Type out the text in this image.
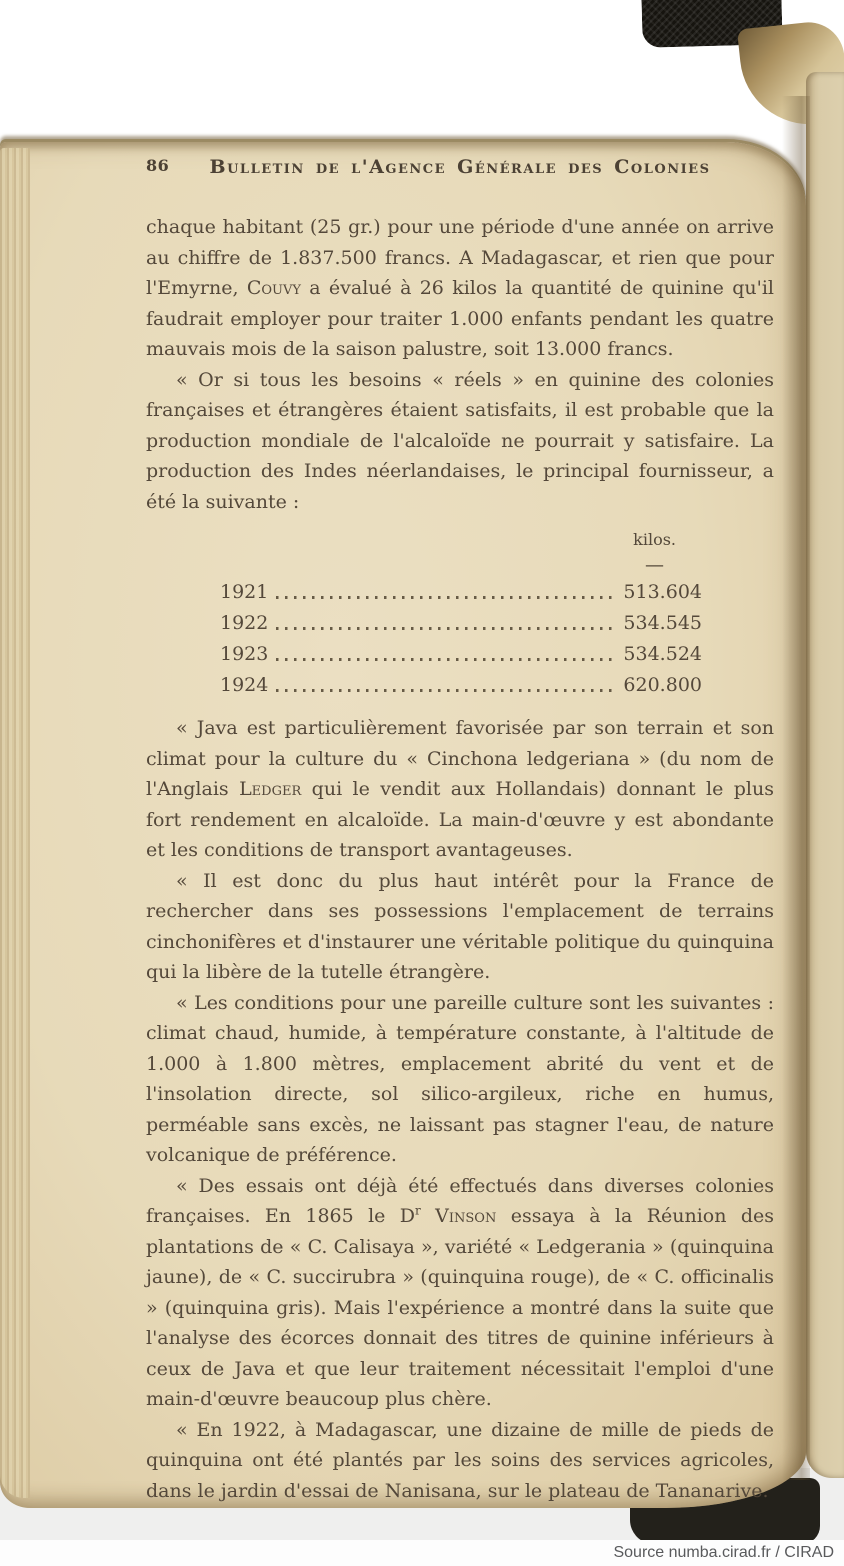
86	Bulletin de l'Agence Générale des Colonies

chaque habitant (25 gr.) pour une période d'une année on arrive au chiffre de 1.837.500 francs. A Madagascar, et rien que pour l'Emyrne, Couvy a évalué à 26 kilos la quantité de quinine qu'il faudrait employer pour traiter 1.000 enfants pendant les quatre mauvais mois de la saison palustre, soit 13.000 francs.

« Or si tous les besoins « réels » en quinine des colonies françaises et étrangères étaient satisfaits, il est probable que la production mondiale de l'alcaloïde ne pourrait y satisfaire. La production des Indes néerlandaises, le principal fournisseur, a été la suivante :

kilos.
—
1921	513.604
1922	534.545
1923	534.524
1924	620.800

« Java est particulièrement favorisée par son terrain et son climat pour la culture du « Cinchona ledgeriana » (du nom de l'Anglais Ledger qui le vendit aux Hollandais) donnant le plus fort rendement en alcaloïde. La main-d'œuvre y est abondante et les conditions de transport avantageuses.

« Il est donc du plus haut intérêt pour la France de rechercher dans ses possessions l'emplacement de terrains cinchonifères et d'instaurer une véritable politique du quinquina qui la libère de la tutelle étrangère.

« Les conditions pour une pareille culture sont les suivantes : climat chaud, humide, à température constante, à l'altitude de 1.000 à 1.800 mètres, emplacement abrité du vent et de l'insolation directe, sol silico-argileux, riche en humus, perméable sans excès, ne laissant pas stagner l'eau, de nature volcanique de préférence.

« Des essais ont déjà été effectués dans diverses colonies françaises. En 1865 le $D^r$ Vinson essaya à la Réunion des plantations de « C. Calisaya », variété « Ledgerania » (quinquina jaune), de « C. succirubra » (quinquina rouge), de « C. officinalis » (quinquina gris). Mais l'expérience a montré dans la suite que l'analyse des écorces donnait des titres de quinine inférieurs à ceux de Java et que leur traitement nécessitait l'emploi d'une main-d'œuvre beaucoup plus chère.

« En 1922, à Madagascar, une dizaine de mille de pieds de quinquina ont été plantés par les soins des services agricoles, dans le jardin d'essai de Nanisana, sur le plateau de Tananarive.

Source numba.cirad.fr / CIRAD
